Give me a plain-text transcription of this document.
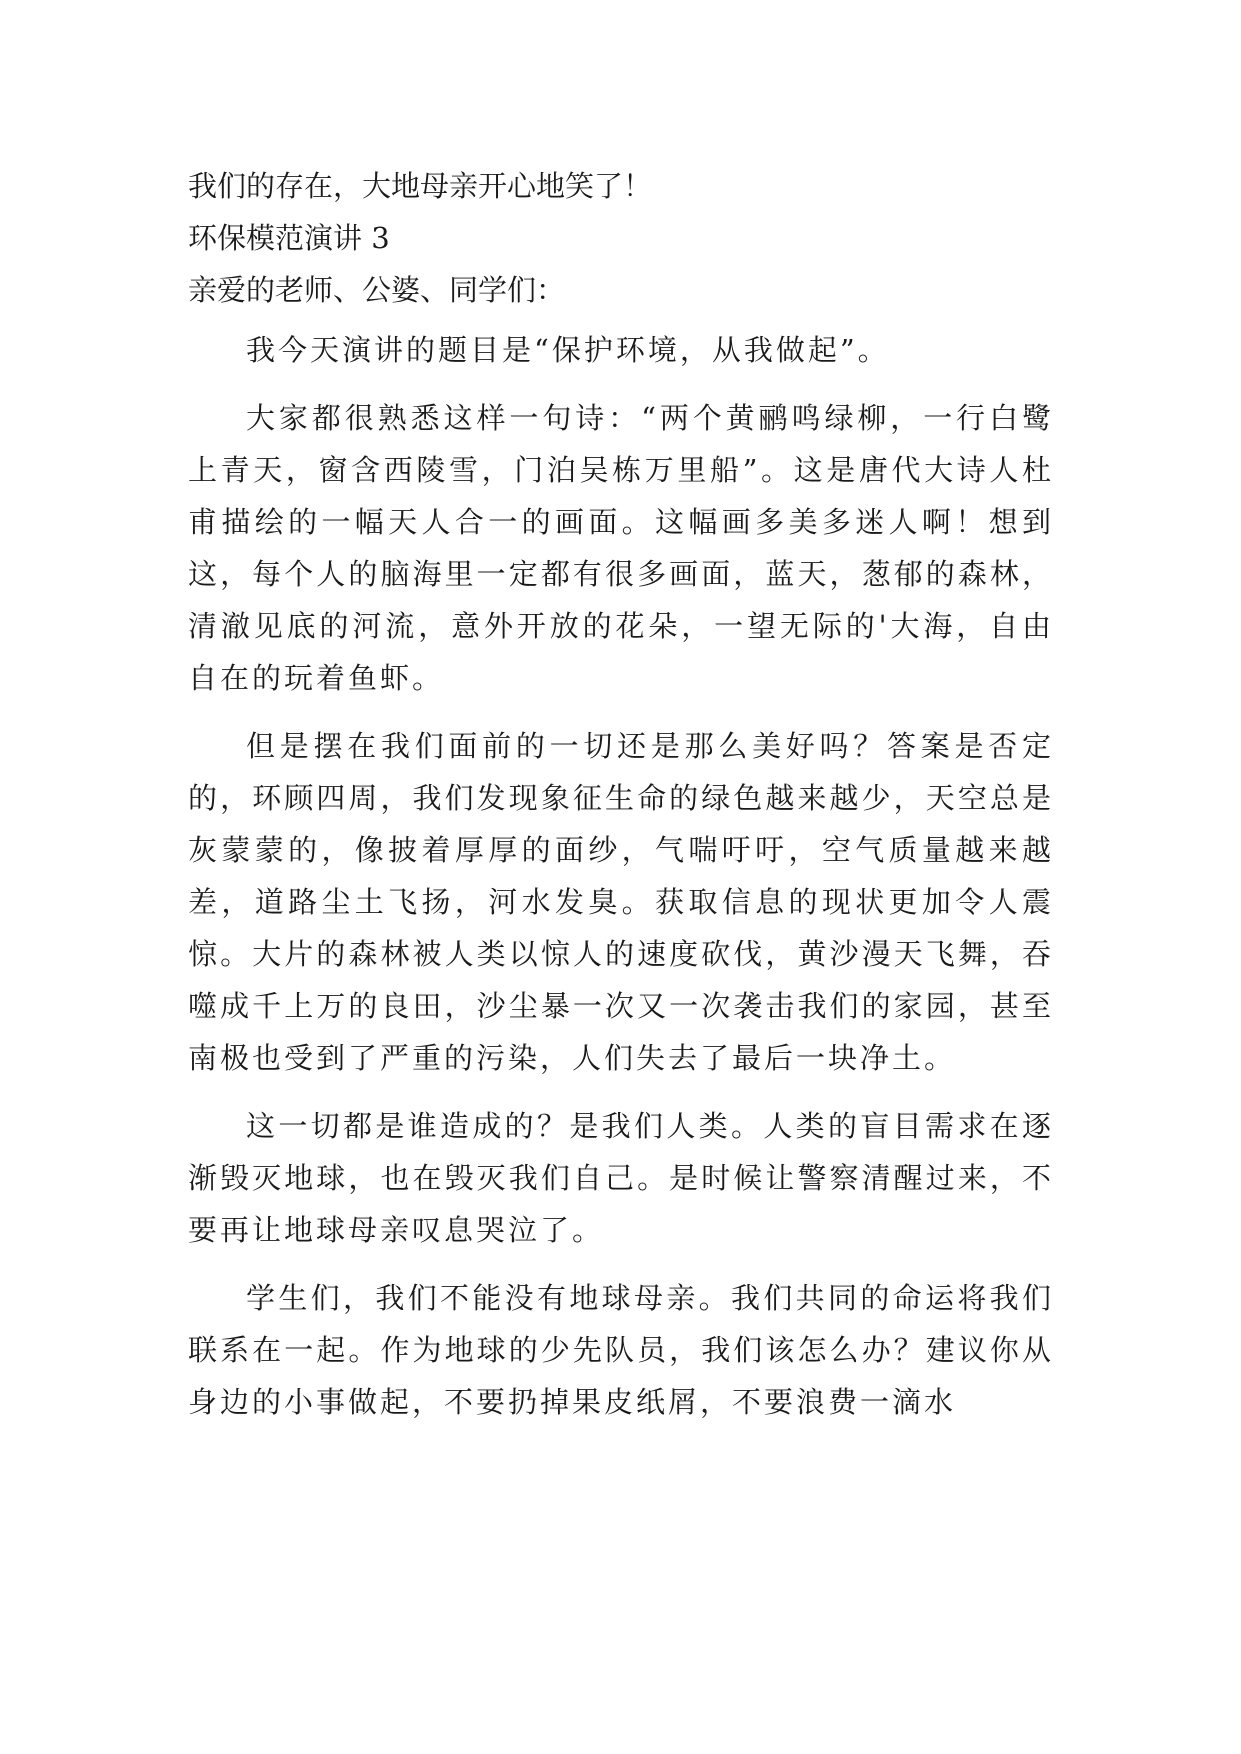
我们的存在，大地母亲开心地笑了！

环保模范演讲 3

亲爱的老师、公婆、同学们：

我今天演讲的题目是“保护环境，从我做起”。

大家都很熟悉这样一句诗：“两个黄鹂鸣绿柳，一行白鹭上青天，窗含西陵雪，门泊吴栋万里船”。这是唐代大诗人杜甫描绘的一幅天人合一的画面。这幅画多美多迷人啊！想到这，每个人的脑海里一定都有很多画面，蓝天，葱郁的森林，清澈见底的河流，意外开放的花朵，一望无际的'大海，自由自在的玩着鱼虾。

但是摆在我们面前的一切还是那么美好吗？答案是否定的，环顾四周，我们发现象征生命的绿色越来越少，天空总是灰蒙蒙的，像披着厚厚的面纱，气喘吁吁，空气质量越来越差，道路尘土飞扬，河水发臭。获取信息的现状更加令人震惊。大片的森林被人类以惊人的速度砍伐，黄沙漫天飞舞，吞噬成千上万的良田，沙尘暴一次又一次袭击我们的家园，甚至南极也受到了严重的污染，人们失去了最后一块净土。

这一切都是谁造成的？是我们人类。人类的盲目需求在逐渐毁灭地球，也在毁灭我们自己。是时候让警察清醒过来，不要再让地球母亲叹息哭泣了。

学生们，我们不能没有地球母亲。我们共同的命运将我们联系在一起。作为地球的少先队员，我们该怎么办？建议你从身边的小事做起，不要扔掉果皮纸屑，不要浪费一滴水
